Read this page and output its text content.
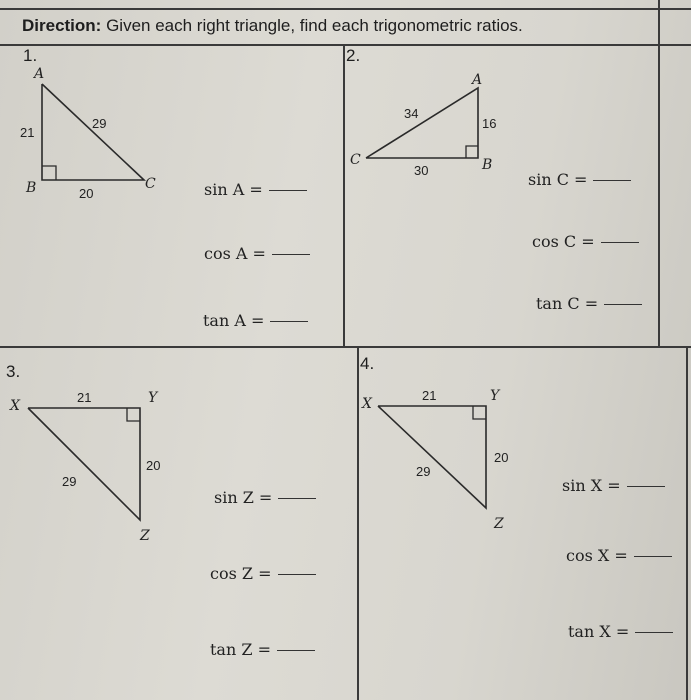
Direction: Given each right triangle, find each trigonometric ratios.
1.
A
B	C
21
29
20	sin A =
cos A =
tan A =
2.
A
B
C
34
16
30	sin C =
cos C =
tan C =
3.
X	Y
Z
21
20
29
sin Z =
cos Z =
tan Z =
4.
X	Y
Z
21
20
29
sin X =
cos X =
tan X =
